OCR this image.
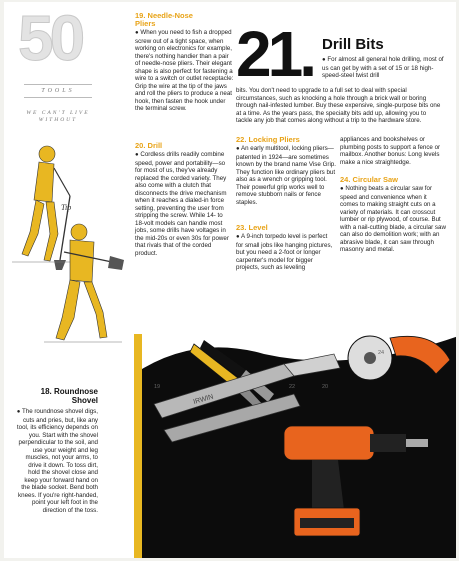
50
TOOLS
WE CAN'T LIVE WITHOUT
19. Needle-Nose
Pliers
● When you need to fish a dropped screw out of a tight space, when working on electronics for example, there's nothing handier than a pair of needle-nose pliers. Their elegant shape is also perfect for fastening a wire to a switch or outlet receptacle: Grip the wire at the tip of the jaws and roll the pliers to produce a neat hook, then fasten the hook under the terminal screw.
20. Drill
● Cordless drills readily combine speed, power and portability—so for most of us, they've already replaced the corded variety. They also come with a clutch that disconnects the drive mechanism when it reaches a dialed-in force setting, preventing the user from stripping the screw. While 14- to 18-volt models can handle most jobs, some drills have voltages in the mid-20s or even 30s for power that rivals that of the corded product.
21. Drill Bits
● For almost all general hole drilling, most of us can get by with a set of 15 or 18 high-speed-steel twist drill
bits. You don't need to upgrade to a full set to deal with special circumstances, such as knocking a hole through a brick wall or boring through nail-infested lumber. Buy these expensive, single-purpose bits one at a time. As the years pass, the specialty bits add up, allowing you to tackle any job that comes along without a trip to the hardware store.
22. Locking Pliers
● An early multitool, locking pliers—patented in 1924—are sometimes known by the brand name Vise Grip. They function like ordinary pliers but also as a wrench or gripping tool. Their powerful grip works well to remove stubborn nails or fence staples.
23. Level
● A 9-inch torpedo level is perfect for small jobs like hanging pictures, but you need a 2-foot or longer carpenter's model for bigger projects, such as leveling
appliances and bookshelves or plumbing posts to support a fence or mailbox. Another bonus: Long levels make a nice straightedge.
24. Circular Saw
● Nothing beats a circular saw for speed and convenience when it comes to making straight cuts on a variety of materials. It can crosscut lumber or rip plywood, of course. But with a nail-cutting blade, a circular saw can also do demolition work; with an abrasive blade, it can saw through masonry and metal.
Tip
18. Roundnose
Shovel
● The roundnose shovel digs, cuts and pries, but, like any tool, its efficiency depends on you. Start with the shovel perpendicular to the soil, and use your weight and leg muscles, not your arms, to drive it down. To toss dirt, hold the shovel close and keep your forward hand on the blade socket. Bend both knees. If you're right-handed, point your left foot in the direction of the toss.
IRWIN
19	22	20
24
